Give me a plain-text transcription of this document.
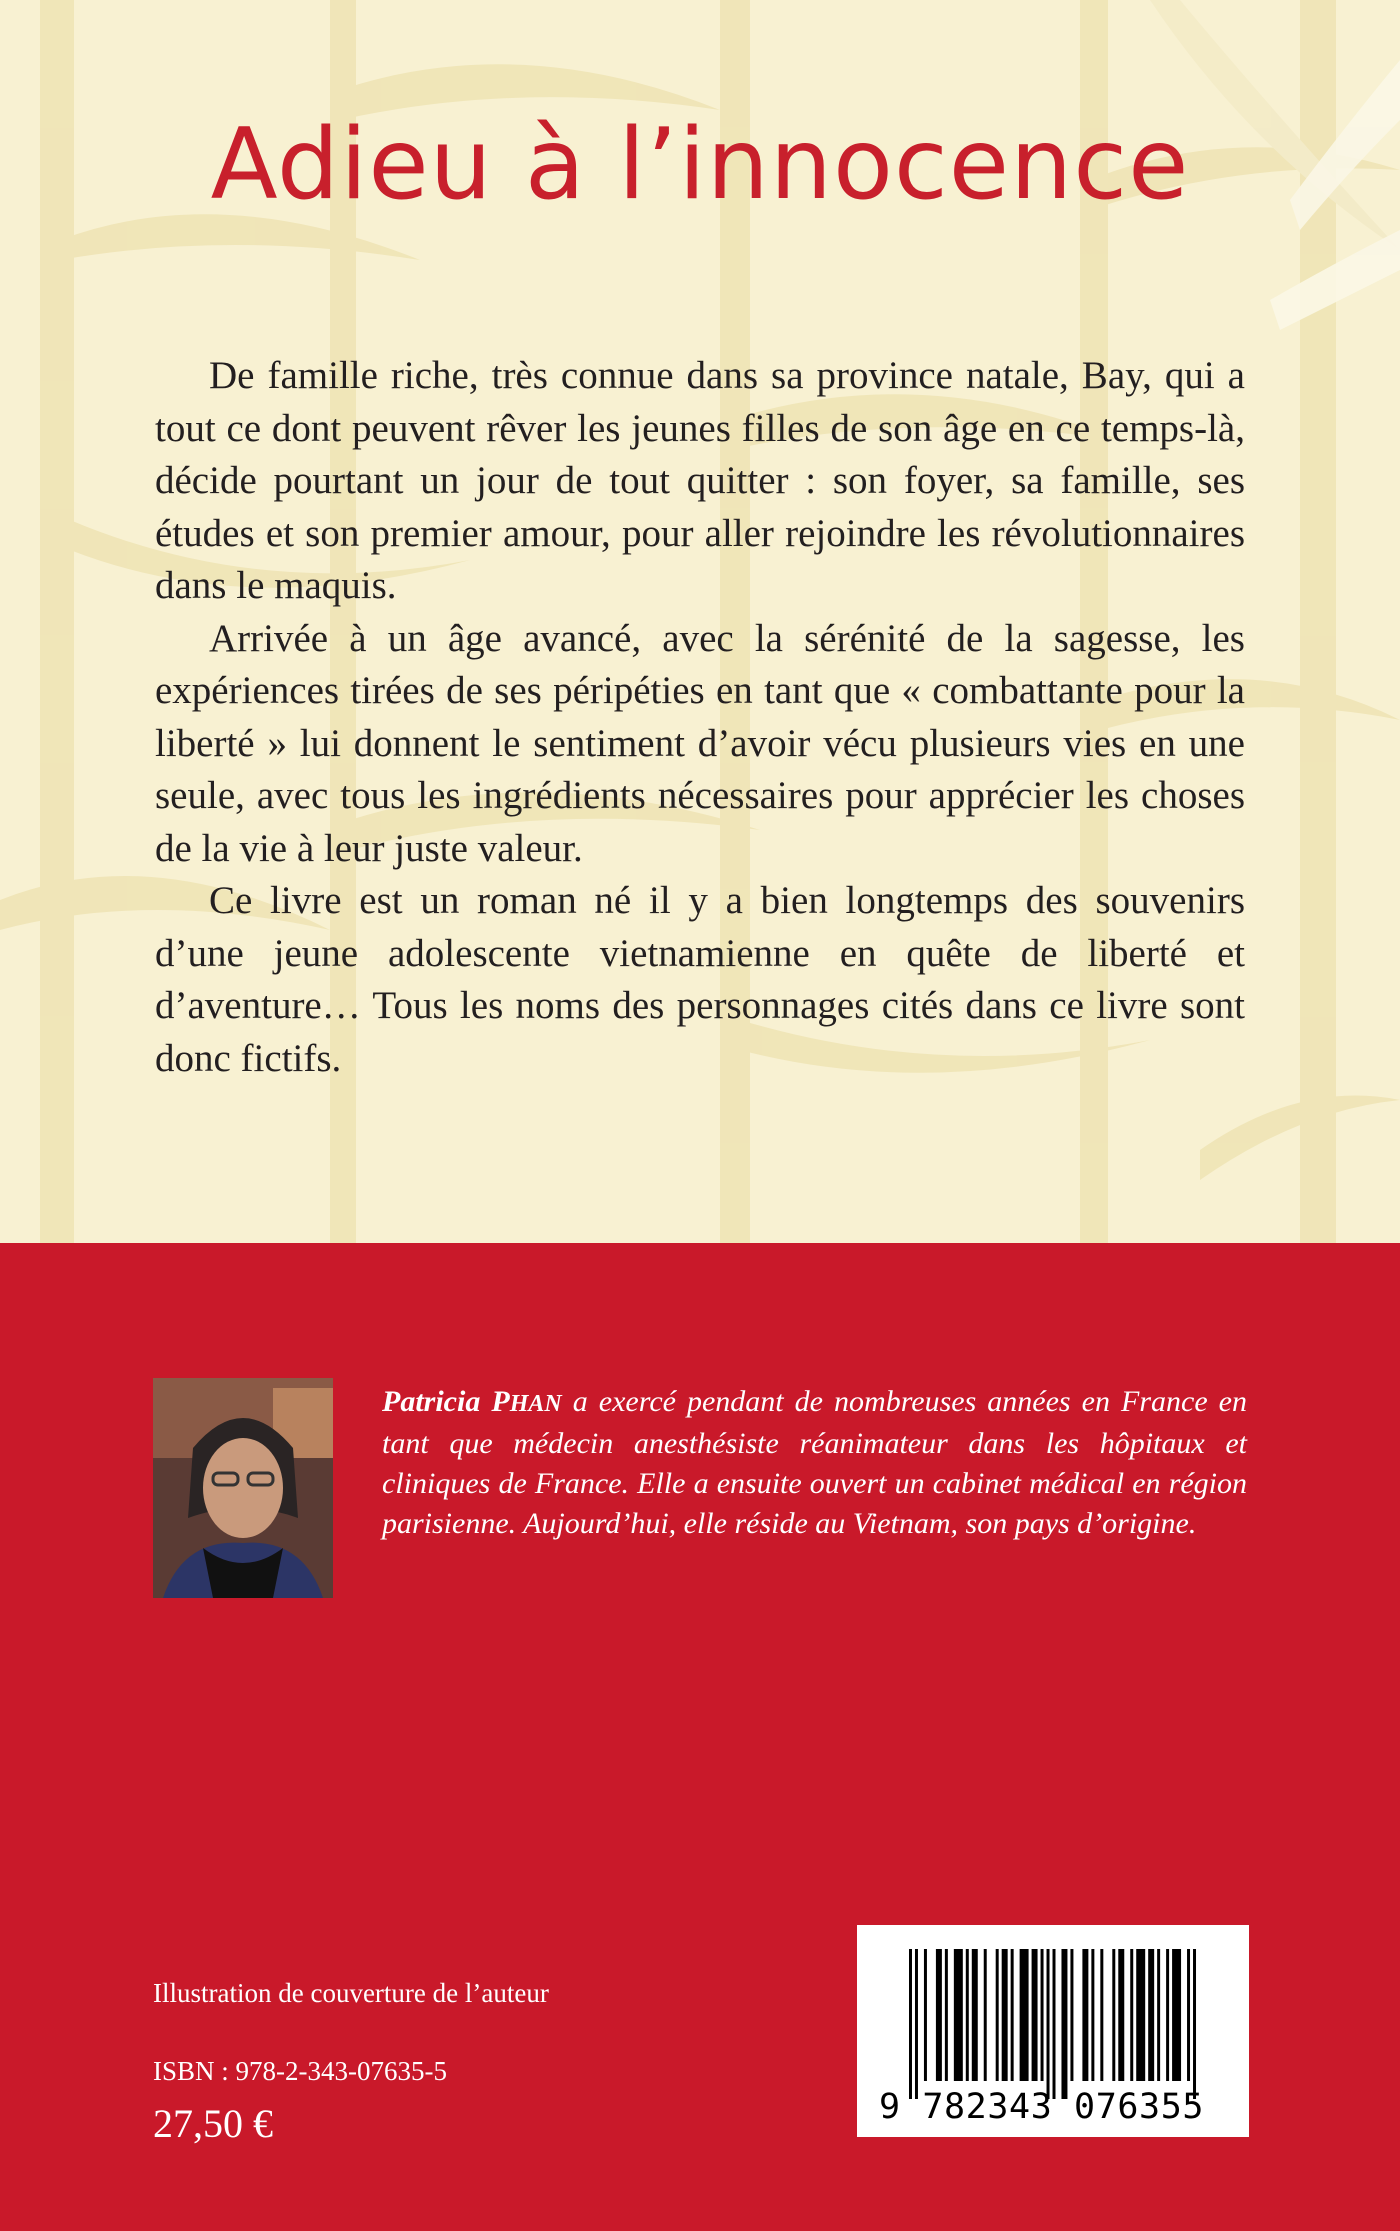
Adieu à l’innocence

De famille riche, très connue dans sa province natale, Bay, qui a tout ce dont peuvent rêver les jeunes filles de son âge en ce temps-là, décide pourtant un jour de tout quitter : son foyer, sa famille, ses études et son premier amour, pour aller rejoindre les révolutionnaires dans le maquis.

Arrivée à un âge avancé, avec la sérénité de la sagesse, les expériences tirées de ses péripéties en tant que « combattante pour la liberté » lui donnent le sentiment d’avoir vécu plusieurs vies en une seule, avec tous les ingrédients nécessaires pour apprécier les choses de la vie à leur juste valeur.

Ce livre est un roman né il y a bien longtemps des souvenirs d’une jeune adolescente vietnamienne en quête de liberté et d’aventure… Tous les noms des personnages cités dans ce livre sont donc fictifs.

Patricia PHAN a exercé pendant de nombreuses années en France en tant que médecin anesthésiste réanimateur dans les hôpitaux et cliniques de France. Elle a ensuite ouvert un cabinet médical en région parisienne. Aujourd’hui, elle réside au Vietnam, son pays d’origine.
Illustration de couverture de l’auteur
ISBN : 978-2-343-07635-5
27,50 €	9 782343 076355
